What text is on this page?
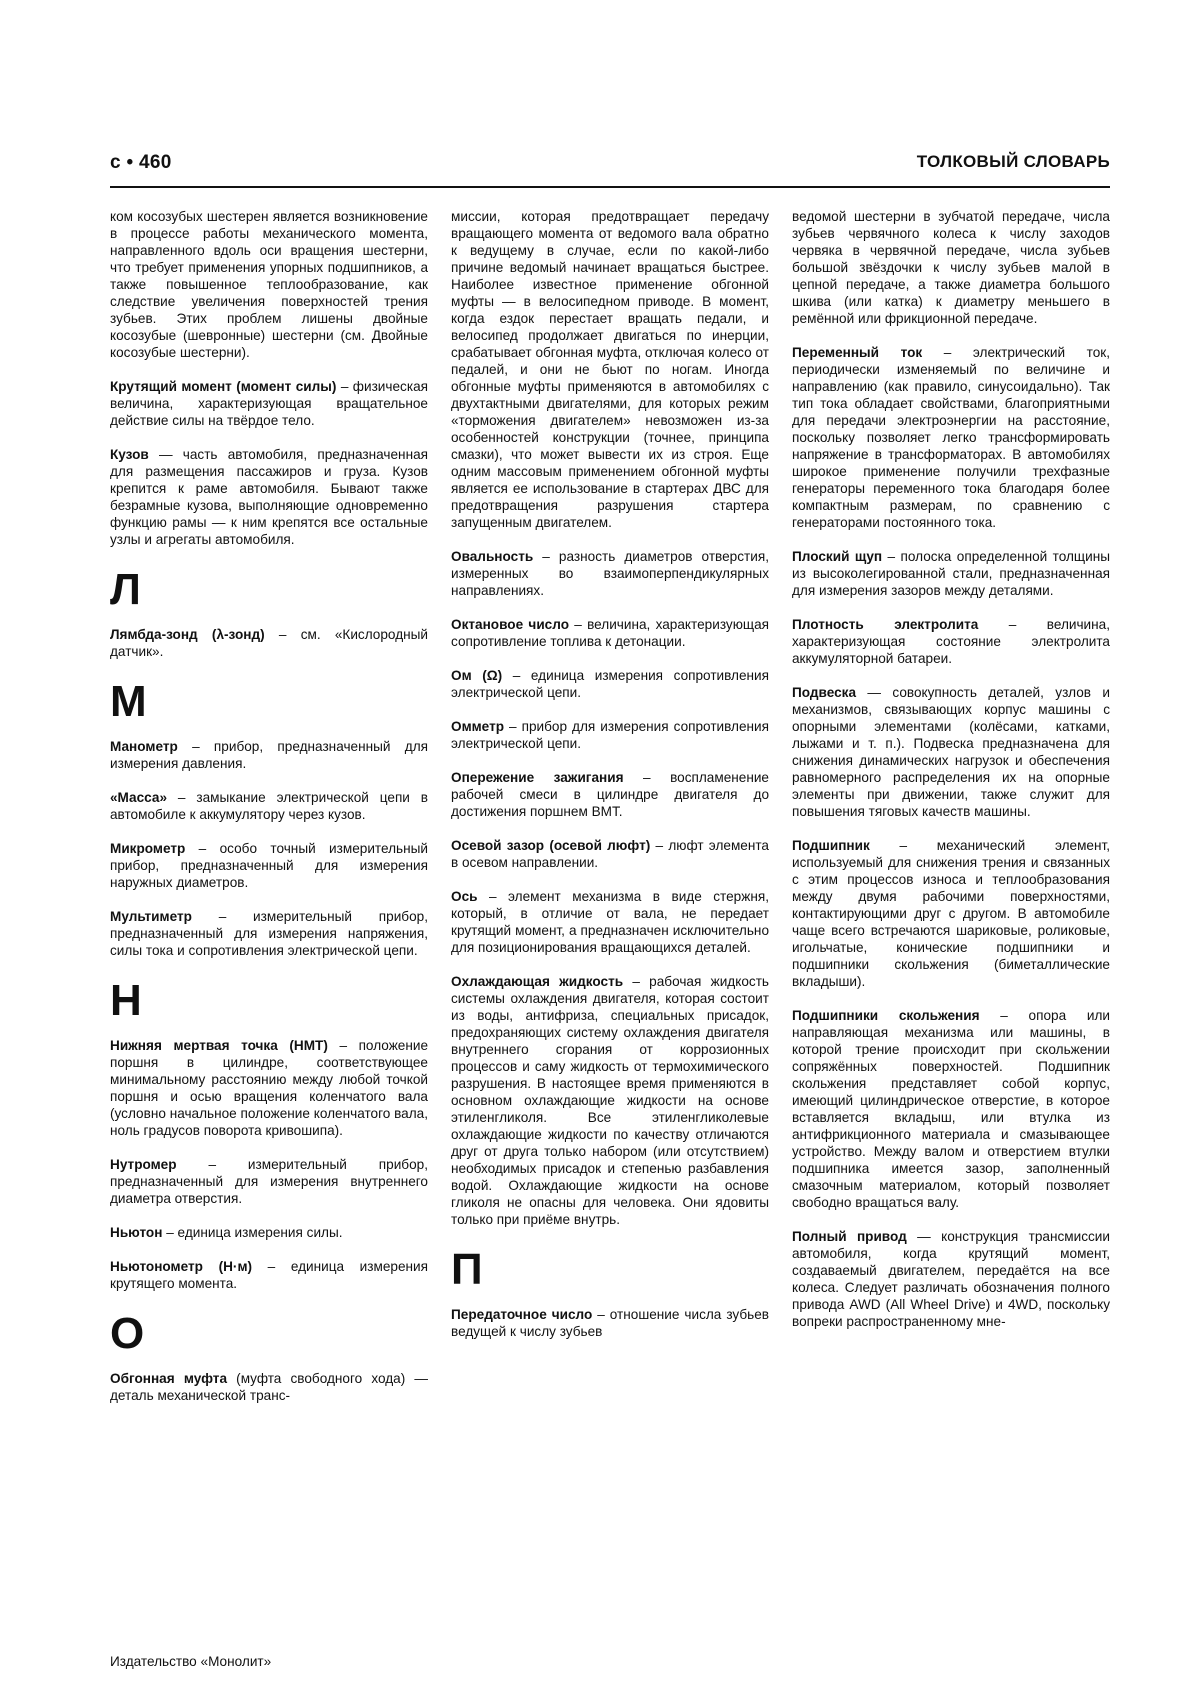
с • 460	ТОЛКОВЫЙ СЛОВАРЬ

ком косозубых шестерен является возникновение в процессе работы механического момента, направленного вдоль оси вращения шестерни, что требует применения упорных подшипников, а также повышенное теплообразование, как следствие увеличения поверхностей трения зубьев. Этих проблем лишены двойные косозубые (шевронные) шестерни (см. Двойные косозубые шестерни).

Крутящий момент (момент силы) – физическая величина, характеризующая вращательное действие силы на твёрдое тело.

Кузов — часть автомобиля, предназначенная для размещения пассажиров и груза. Кузов крепится к раме автомобиля. Бывают также безрамные кузова, выполняющие одновременно функцию рамы — к ним крепятся все остальные узлы и агрегаты автомобиля.

Л

Лямбда-зонд (λ-зонд) – см. «Кислородный датчик».

М

Манометр – прибор, предназначенный для измерения давления.

«Масса» – замыкание электрической цепи в автомобиле к аккумулятору через кузов.

Микрометр – особо точный измерительный прибор, предназначенный для измерения наружных диаметров.

Мультиметр – измерительный прибор, предназначенный для измерения напряжения, силы тока и сопротивления электрической цепи.

Н

Нижняя мертвая точка (НМТ) – положение поршня в цилиндре, соответствующее минимальному расстоянию между любой точкой поршня и осью вращения коленчатого вала (условно начальное положение коленчатого вала, ноль градусов поворота кривошипа).

Нутромер – измерительный прибор, предназначенный для измерения внутреннего диаметра отверстия.

Ньютон – единица измерения силы.

Ньютонометр (Н·м) – единица измерения крутящего момента.

О

Обгонная муфта (муфта свободного хода) — деталь механической транс-

миссии, которая предотвращает передачу вращающего момента от ведомого вала обратно к ведущему в случае, если по какой-либо причине ведомый начинает вращаться быстрее. Наиболее известное применение обгонной муфты — в велосипедном приводе. В момент, когда ездок перестает вращать педали, и велосипед продолжает двигаться по инерции, срабатывает обгонная муфта, отключая колесо от педалей, и они не бьют по ногам. Иногда обгонные муфты применяются в автомобилях с двухтактными двигателями, для которых режим «торможения двигателем» невозможен из-за особенностей конструкции (точнее, принципа смазки), что может вывести их из строя. Еще одним массовым применением обгонной муфты является ее использование в стартерах ДВС для предотвращения разрушения стартера запущенным двигателем.

Овальность – разность диаметров отверстия, измеренных во взаимоперпендикулярных направлениях.

Октановое число – величина, характеризующая сопротивление топлива к детонации.

Ом (Ω) – единица измерения сопротивления электрической цепи.

Омметр – прибор для измерения сопротивления электрической цепи.

Опережение зажигания – воспламенение рабочей смеси в цилиндре двигателя до достижения поршнем ВМТ.

Осевой зазор (осевой люфт) – люфт элемента в осевом направлении.

Ось – элемент механизма в виде стержня, который, в отличие от вала, не передает крутящий момент, а предназначен исключительно для позиционирования вращающихся деталей.

Охлаждающая жидкость – рабочая жидкость системы охлаждения двигателя, которая состоит из воды, антифриза, специальных присадок, предохраняющих систему охлаждения двигателя внутреннего сгорания от коррозионных процессов и саму жидкость от термохимического разрушения. В настоящее время применяются в основном охлаждающие жидкости на основе этиленгликоля. Все этиленгликолевые охлаждающие жидкости по качеству отличаются друг от друга только набором (или отсутствием) необходимых присадок и степенью разбавления водой. Охлаждающие жидкости на основе гликоля не опасны для человека. Они ядовиты только при приёме внутрь.

П

Передаточное число – отношение числа зубьев ведущей к числу зубьев

ведомой шестерни в зубчатой передаче, числа зубьев червячного колеса к числу заходов червяка в червячной передаче, числа зубьев большой звёздочки к числу зубьев малой в цепной передаче, а также диаметра большого шкива (или катка) к диаметру меньшего в ремённой или фрикционной передаче.

Переменный ток – электрический ток, периодически изменяемый по величине и направлению (как правило, синусоидально). Так тип тока обладает свойствами, благоприятными для передачи электроэнергии на расстояние, поскольку позволяет легко трансформировать напряжение в трансформаторах. В автомобилях широкое применение получили трехфазные генераторы переменного тока благодаря более компактным размерам, по сравнению с генераторами постоянного тока.

Плоский щуп – полоска определенной толщины из высоколегированной стали, предназначенная для измерения зазоров между деталями.

Плотность электролита – величина, характеризующая состояние электролита аккумуляторной батареи.

Подвеска — совокупность деталей, узлов и механизмов, связывающих корпус машины с опорными элементами (колёсами, катками, лыжами и т. п.). Подвеска предназначена для снижения динамических нагрузок и обеспечения равномерного распределения их на опорные элементы при движении, также служит для повышения тяговых качеств машины.

Подшипник – механический элемент, используемый для снижения трения и связанных с этим процессов износа и теплообразования между двумя рабочими поверхностями, контактирующими друг с другом. В автомобиле чаще всего встречаются шариковые, роликовые, игольчатые, конические подшипники и подшипники скольжения (биметаллические вкладыши).

Подшипники скольжения – опора или направляющая механизма или машины, в которой трение происходит при скольжении сопряжённых поверхностей. Подшипник скольжения представляет собой корпус, имеющий цилиндрическое отверстие, в которое вставляется вкладыш, или втулка из антифрикционного материала и смазывающее устройство. Между валом и отверстием втулки подшипника имеется зазор, заполненный смазочным материалом, который позволяет свободно вращаться валу.

Полный привод — конструкция трансмиссии автомобиля, когда крутящий момент, создаваемый двигателем, передаётся на все колеса. Следует различать обозначения полного привода AWD (All Wheel Drive) и 4WD, поскольку вопреки распространенному мне-

Издательство «Монолит»
